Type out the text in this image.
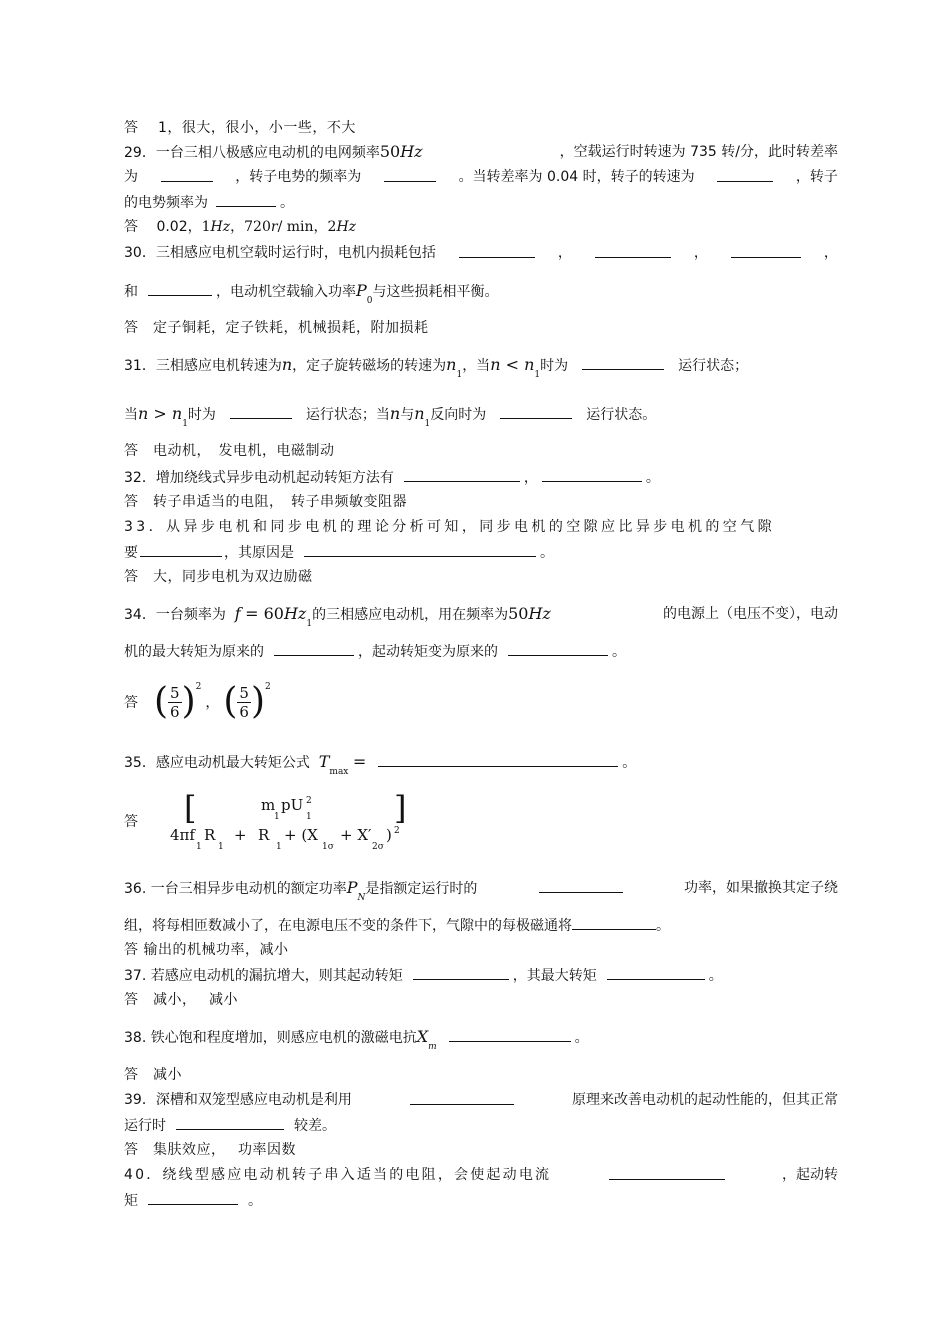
答　 1，很大，很小，小一些，不大
29．一台三相八极感应电动机的电网频率50Hz	，空载运行时转速为 735 转/分，此时转差率
为	，转子电势的频率为	。当转差率为 0.04 时，转子的转速为	，转子
的电势频率为	。
答　 0.02，1Hz，720r/ min，2Hz
30．三相感应电机空载时运行时，电机内损耗包括	，	，	，
和	，电动机空载输入功率$P_0$与这些损耗相平衡。
答　定子铜耗，定子铁耗，机械损耗，附加损耗
31．三相感应电机转速为n，定子旋转磁场的转速为$n_1$，当$n < n_1$时为	运行状态；
当$n > n_1$时为	运行状态；当n与$n_1$反向时为	运行状态。
答　电动机，　发电机，电磁制动
32．增加绕线式异步电动机起动转矩方法有	，	。
答　转子串适当的电阻，　转子串频敏变阻器
33．从异步电机和同步电机的理论分析可知，同步电机的空隙应比异步电机的空气隙
要	，其原因是	。
答　大，同步电机为双边励磁
34．一台频率为 $f = 60Hz_1$的三相感应电动机，用在频率为50Hz	的电源上（电压不变），电动
机的最大转矩为原来的	，起动转矩变为原来的	。
答 ( $\frac{5}{6}$ ) 2
， ( $\frac{5}{6}$ ) 2
35．感应电动机最大转矩公式 $T_{max}$ =	。
答 [	]
m
1
pU
1
2
4πf
1
R
1
+ R
1
+ (X
1σ
+ X′
2σ
) 2
36. 一台三相异步电动机的额定功率$P_N$是指额定运行时的	功率，如果撤换其定子绕
组，将每相匝数减小了，在电源电压不变的条件下，气隙中的每极磁通将	。
答 输出的机械功率，减小
37. 若感应电动机的漏抗增大，则其起动转矩	，其最大转矩	。
答　减小，　 减小
38. 铁心饱和程度增加，则感应电机的激磁电抗$X_m$。
答　减小
39．深槽和双笼型感应电动机是利用	原理来改善电动机的起动性能的，但其正常
运行时	较差。
答　集肤效应，　 功率因数
40．绕线型感应电动机转子串入适当的电阻，会使起动电流	，起动转
矩	。
